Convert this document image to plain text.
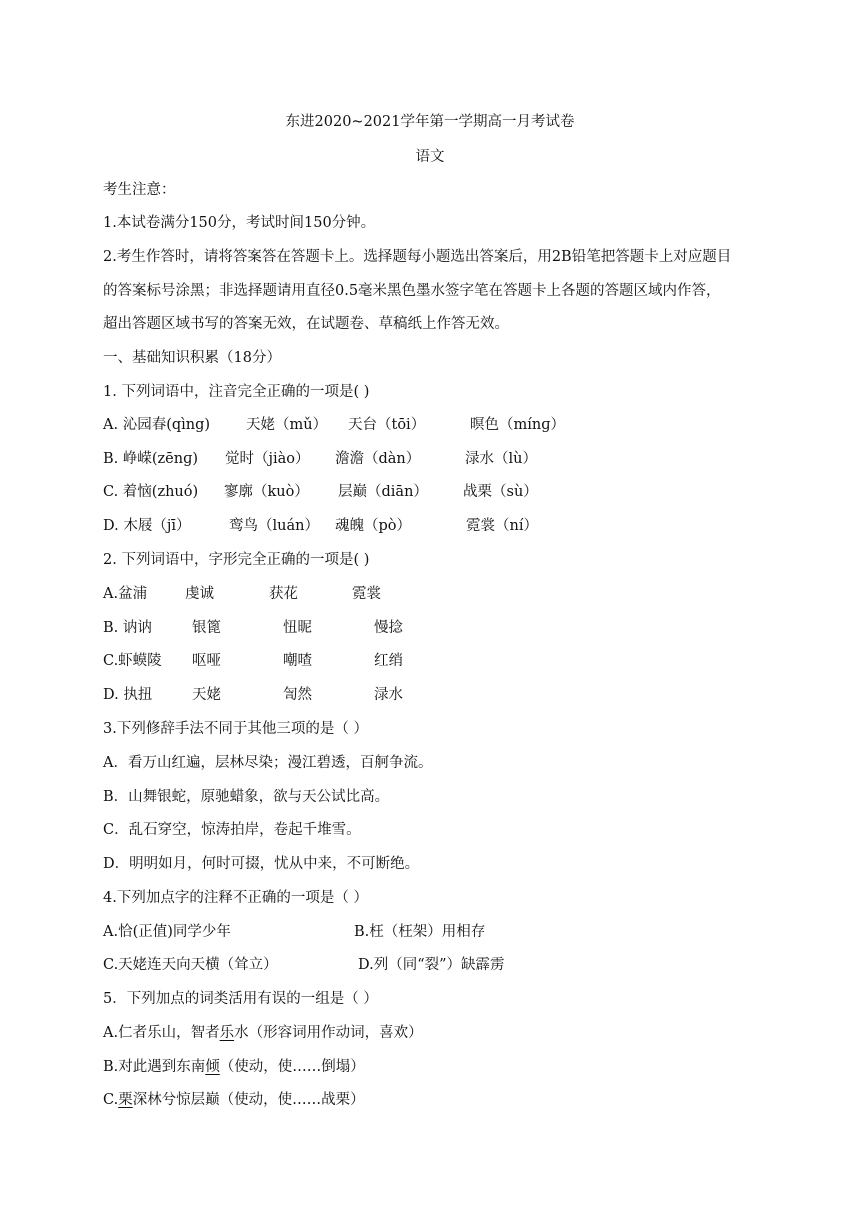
东进2020~2021学年第一学期高一月考试卷
语文
考生注意：
1.本试卷满分150分，考试时间150分钟。
2.考生作答时，请将答案答在答题卡上。选择题每小题选出答案后，用2B铅笔把答题卡上对应题目
的答案标号涂黑；非选择题请用直径0.5毫米黑色墨水签字笔在答题卡上各题的答题区域内作答，
超出答题区域书写的答案无效，在试题卷、草稿纸上作答无效。
一、基础知识积累（18分）
1. 下列词语中，注音完全正确的一项是( )
A. 沁园春(qìng) 天姥（mǔ） 天台（tōi）	暝色（mínɡ）
B. 峥嵘(zēnɡ) 觉时（jiào） 澹澹（dàn）	渌水（lù）
C. 着恼(zhuó) 寥廓（kuò） 层巅（diān） 战栗（sù）
D. 木屐（jī）	鸾鸟（luán） 魂魄（pò）	霓裳（ní）
2. 下列词语中，字形完全正确的一项是( )
A.盆浦	虔诚	获花	霓裳
B. 讷讷	银篦	忸昵	慢捻
C.虾蟆陵 呕哑	嘲喳	红绡
D. 执扭	天姥	訇然	渌水
3.下列修辞手法不同于其他三项的是（ ）
A．看万山红遍，层林尽染；漫江碧透，百舸争流。
B．山舞银蛇，原驰蜡象，欲与天公试比高。
C．乱石穿空，惊涛拍岸，卷起千堆雪。
D．明明如月，何时可掇，忧从中来，不可断绝。
4.下列加点字的注释不正确的一项是（ ）
A.恰(正值)同学少年	B.枉（枉架）用相存
C.天姥连天向天横（耸立）	D.列（同“裂”）缺霹雳
5．下列加点的词类活用有误的一组是（ ）
A.仁者乐山，智者乐水（形容词用作动词，喜欢）
B.对此遇到东南倾（使动，使……倒塌）
C.栗深林兮惊层巅（使动，使……战栗）
